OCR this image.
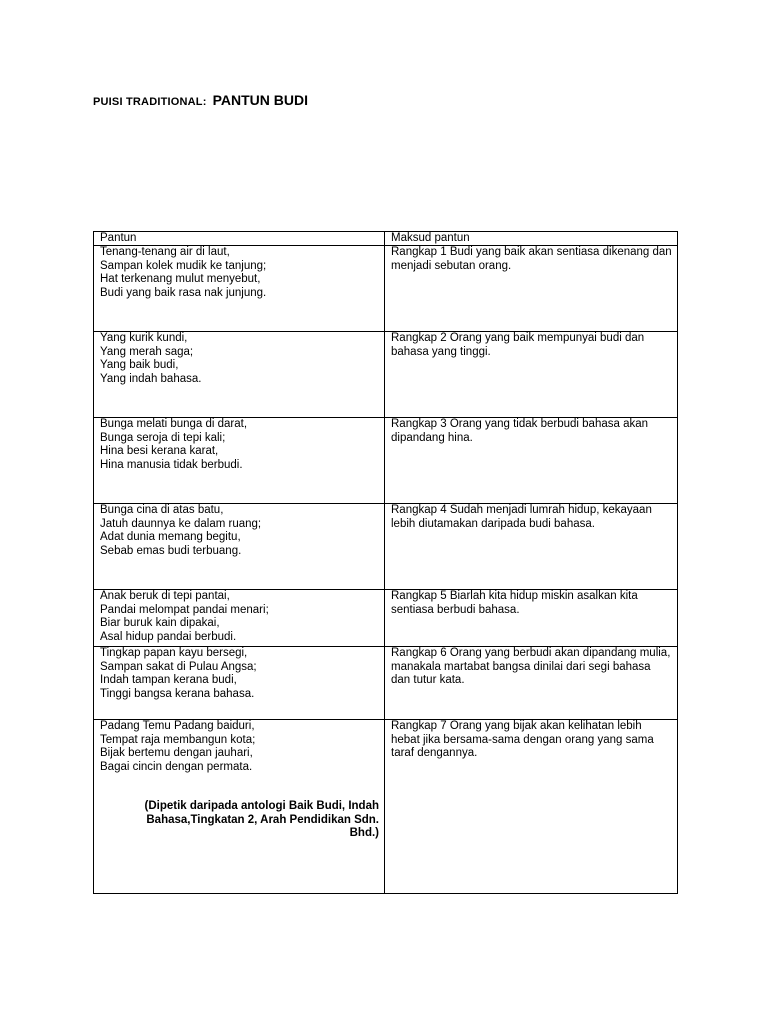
PUISI TRADITIONAL: PANTUN BUDI
Pantun	Maksud pantun

Tenang-tenang air di laut,
Sampan kolek mudik ke tanjung;
Hat terkenang mulut menyebut,
Budi yang baik rasa nak junjung.	Rangkap 1 Budi yang baik akan sentiasa dikenang dan menjadi sebutan orang.

Yang kurik kundi,
Yang merah saga;
Yang baik budi,
Yang indah bahasa.	Rangkap 2 Orang yang baik mempunyai budi dan bahasa yang tinggi.

Bunga melati bunga di darat,
Bunga seroja di tepi kali;
Hina besi kerana karat,
Hina manusia tidak berbudi.	Rangkap 3 Orang yang tidak berbudi bahasa akan dipandang hina.

Bunga cina di atas batu,
Jatuh daunnya ke dalam ruang;
Adat dunia memang begitu,
Sebab emas budi terbuang.	Rangkap 4 Sudah menjadi lumrah hidup, kekayaan lebih diutamakan daripada budi bahasa.

Anak beruk di tepi pantai,
Pandai melompat pandai menari;
Biar buruk kain dipakai,
Asal hidup pandai berbudi.	Rangkap 5 Biarlah kita hidup miskin asalkan kita sentiasa berbudi bahasa.

Tingkap papan kayu bersegi,
Sampan sakat di Pulau Angsa;
Indah tampan kerana budi,
Tinggi bangsa kerana bahasa.	Rangkap 6 Orang yang berbudi akan dipandang mulia, manakala martabat bangsa dinilai dari segi bahasa dan tutur kata.

Padang Temu Padang baiduri,
Tempat raja membangun kota;
Bijak bertemu dengan jauhari,
Bagai cincin dengan permata.
(Dipetik daripada antologi Baik Budi, Indah Bahasa,Tingkatan 2, Arah Pendidikan Sdn. Bhd.)	Rangkap 7 Orang yang bijak akan kelihatan lebih hebat jika bersama-sama dengan orang yang sama taraf dengannya.
